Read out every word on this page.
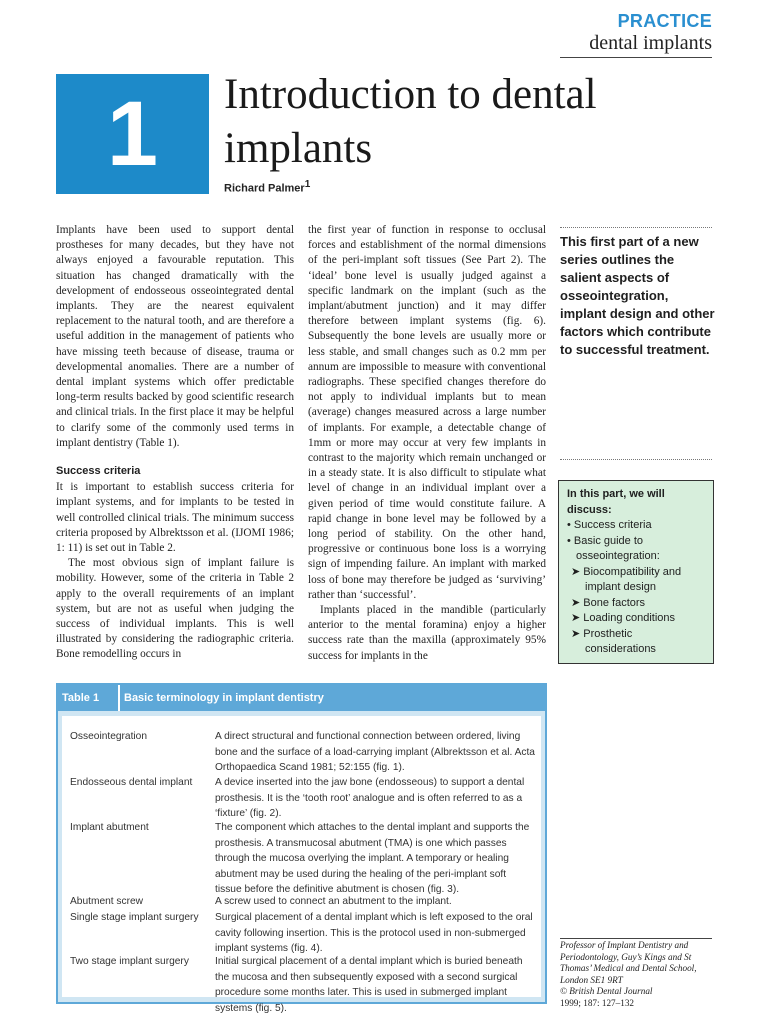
PRACTICE
dental implants
1	Introduction to dental implants
Richard Palmer$^1$

Implants have been used to support dental prostheses for many decades, but they have not always enjoyed a favourable reputation. This situation has changed dramatically with the development of endosseous osseointegrated dental implants. They are the nearest equivalent replacement to the natural tooth, and are therefore a useful addition in the management of patients who have missing teeth because of disease, trauma or developmental anomalies. There are a number of dental implant systems which offer predictable long-term results backed by good scientific research and clinical trials. In the first place it may be helpful to clarify some of the commonly used terms in implant dentistry (Table 1).

Success criteria

It is important to establish success criteria for implant systems, and for implants to be tested in well controlled clinical trials. The minimum success criteria proposed by Albrektsson et al. (IJOMI 1986; 1: 11) is set out in Table 2.

The most obvious sign of implant failure is mobility. However, some of the criteria in Table 2 apply to the overall requirements of an implant system, but are not as useful when judging the success of individual implants. This is well illustrated by considering the radiographic criteria. Bone remodelling occurs in

the first year of function in response to occlusal forces and establishment of the normal dimensions of the peri-implant soft tissues (See Part 2). The ‘ideal’ bone level is usually judged against a specific landmark on the implant (such as the implant/abutment junction) and it may differ therefore between implant systems (fig. 6). Subsequently the bone levels are usually more or less stable, and small changes such as 0.2 mm per annum are impossible to measure with conventional radiographs. These specified changes therefore do not apply to individual implants but to mean (average) changes measured across a large number of implants. For example, a detectable change of 1mm or more may occur at very few implants in contrast to the majority which remain unchanged or in a steady state. It is also difficult to stipulate what level of change in an individual implant over a given period of time would constitute failure. A rapid change in bone level may be followed by a long period of stability. On the other hand, progressive or continuous bone loss is a worrying sign of impending failure. An implant with marked loss of bone may therefore be judged as ‘surviving’ rather than ‘successful’.

Implants placed in the mandible (particularly anterior to the mental foramina) enjoy a higher success rate than the maxilla (approximately 95% success for implants in the

This first part of a new series outlines the salient aspects of osseointegration, implant design and other factors which contribute to successful treatment.
In this part, we will discuss:
• Success criteria
• Basic guide to osseointegration:
➤ Biocompatibility and implant design
➤ Bone factors
➤ Loading conditions
➤ Prosthetic considerations
Table 1 Basic terminology in implant dentistry
Osseointegration	A direct structural and functional connection between ordered, living bone and the surface of a load-carrying implant (Albrektsson et al. Acta Orthopaedica Scand 1981; 52:155 (fig. 1).
Endosseous dental implant	A device inserted into the jaw bone (endosseous) to support a dental prosthesis. It is the ‘tooth root’ analogue and is often referred to as a ‘fixture’ (fig. 2).
Implant abutment	The component which attaches to the dental implant and supports the prosthesis. A transmucosal abutment (TMA) is one which passes through the mucosa overlying the implant. A temporary or healing abutment may be used during the healing of the peri-implant soft tissue before the definitive abutment is chosen (fig. 3).
Abutment screw	A screw used to connect an abutment to the implant.
Single stage implant surgery	Surgical placement of a dental implant which is left exposed to the oral cavity following insertion. This is the protocol used in non-submerged implant systems (fig. 4).
Two stage implant surgery	Initial surgical placement of a dental implant which is buried beneath the mucosa and then subsequently exposed with a second surgical procedure some months later. This is used in submerged implant systems (fig. 5).
Professor of Implant Dentistry and Periodontology, Guy’s Kings and St Thomas’ Medical and Dental School, London SE1 9RT
© British Dental Journal
1999; 187: 127–132
